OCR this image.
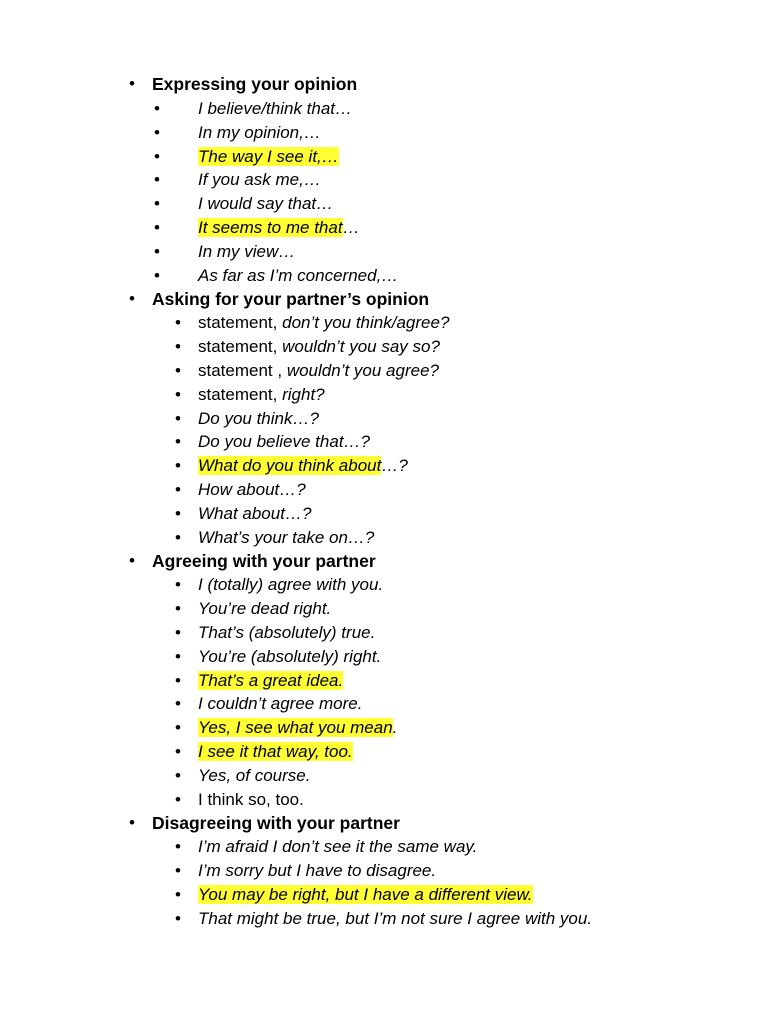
• Expressing your opinion
•	I believe/think that…
•	In my opinion,…
•	The way I see it,…
•	If you ask me,…
•	I would say that…
•	It seems to me that…
•	In my view…
•	As far as I’m concerned,…
• Asking for your partner’s opinion
•	statement, don’t you think/agree?
•	statement, wouldn’t you say so?
•	statement , wouldn’t you agree?
•	statement, right?
•	Do you think…?
•	Do you believe that…?
•	What do you think about…?
•	How about…?
•	What about…?
•	What’s your take on…?
• Agreeing with your partner
•	I (totally) agree with you.
•	You’re dead right.
•	That’s (absolutely) true.
•	You’re (absolutely) right.
•	That’s a great idea.
•	I couldn’t agree more.
•	Yes, I see what you mean.
•	I see it that way, too.
•	Yes, of course.
•	I think so, too.
• Disagreeing with your partner
•	I’m afraid I don’t see it the same way.
•	I’m sorry but I have to disagree.
•	You may be right, but I have a different view.
•	That might be true, but I’m not sure I agree with you.
